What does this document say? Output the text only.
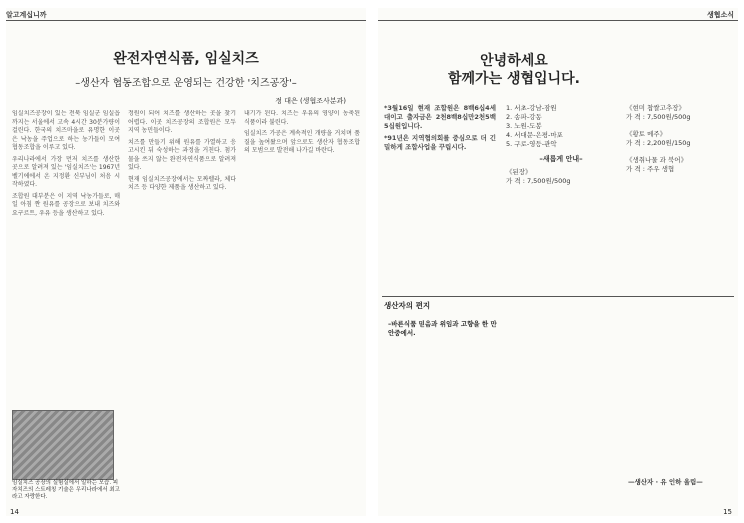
알고계십니까
완전자연식품, 임실치즈
–생산자 협동조합으로 운영되는 건강한 '치즈공장'–
정 대은 (생협조사분과)

임실치즈공장이 있는 전북 임실군 임실읍까지는 서울에서 고속 4시간 30분가량이 걸린다. 한국의 치즈마을로 유명한 이곳은 낙농을 주업으로 하는 농가들이 모여 협동조합을 이루고 있다.

우리나라에서 가장 먼저 치즈를 생산한 곳으로 알려져 있는 '임실치즈'는 1967년 벨기에에서 온 지정환 신부님이 처음 시작하였다.

조합원 대부분은 이 지역 낙농가들로, 매일 아침 짠 원유를 공장으로 보내 치즈와 요구르트, 우유 등을 생산하고 있다.

정원이 되어 치즈를 생산하는 곳을 찾기 어렵다. 이곳 치즈공장의 조합원은 모두 지역 농민들이다.

치즈를 만들기 위해 원유를 가열하고 응고시킨 뒤 숙성하는 과정을 거친다. 첨가물을 쓰지 않는 완전자연식품으로 알려져 있다.

현재 임실치즈공장에서는 모짜렐라, 체다 치즈 등 다양한 제품을 생산하고 있다.

내기가 된다. 치즈는 우유의 영양이 농축된 식품이라 불린다.

임실치즈 가공은 계속적인 개량을 거치며 품질을 높여왔으며 앞으로도 생산자 협동조합의 모범으로 발전해 나가길 바란다.

임실치즈 공장의 실험실에서 일하는 모습. 피자치즈의 스트레칭 기술은 우리나라에서 최고라고 자랑한다.
14
생협소식
안녕하세요
함께가는 생협입니다.

*3월16일 현재 조합원은 8백6십4세대이고 출자금은 2천8백8십만2천5백5십원입니다.

*91년은 지역협의회를 중심으로 더 긴밀하게 조합사업을 꾸립시다.

1. 서초-강남-잠원
2. 송파-강동
3. 노원-도봉
4. 서대문-은평-마포
5. 구로-영등-관악
–새롭게 안내–
《된장》
가 격 : 7,500원/500g
《현미 찹쌀고추장》
가 격 : 7,500원/500g
《황토 메주》
가 격 : 2,200원/150g
《생취나물 과 북어》
가 격 : 주우 생협
생산자의 편지
–바른식품 믿음과 위임과 고향을 한 만 안중에서.
—생산자 · 유 인하 올림—
15
